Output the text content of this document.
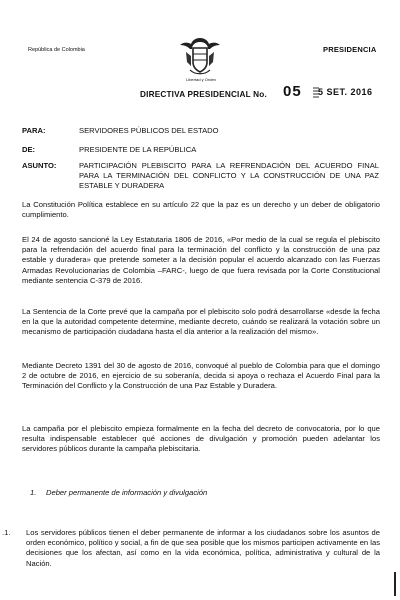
República de Colombia	PRESIDENCIA
Libertad y Orden
DIRECTIVA PRESIDENCIAL No. 05 5 SET. 2016
PARA:	SERVIDORES PÚBLICOS DEL ESTADO
DE:	PRESIDENTE DE LA REPÚBLICA
ASUNTO:	PARTICIPACIÓN PLEBISCITO PARA LA REFRENDACIÓN DEL ACUERDO FINAL PARA LA TERMINACIÓN DEL CONFLICTO Y LA CONSTRUCCIÓN DE UNA PAZ ESTABLE Y DURADERA
La Constitución Política establece en su artículo 22 que la paz es un derecho y un deber de obligatorio cumplimiento.
El 24 de agosto sancioné la Ley Estatutaria 1806 de 2016, «Por medio de la cual se regula el plebiscito para la refrendación del acuerdo final para la terminación del conflicto y la construcción de una paz estable y duradera» que pretende someter a la decisión popular el acuerdo alcanzado con las Fuerzas Armadas Revolucionarias de Colombia –FARC-, luego de que fuera revisada por la Corte Constitucional mediante sentencia C-379 de 2016.
La Sentencia de la Corte prevé que la campaña por el plebiscito solo podrá desarrollarse «desde la fecha en la que la autoridad competente determine, mediante decreto, cuándo se realizará la votación sobre un mecanismo de participación ciudadana hasta el día anterior a la realización del mismo».
Mediante Decreto 1391 del 30 de agosto de 2016, convoqué al pueblo de Colombia para que el domingo 2 de octubre de 2016, en ejercicio de su soberanía, decida si apoya o rechaza el Acuerdo Final para la Terminación del Conflicto y la Construcción de una Paz Estable y Duradera.
La campaña por el plebiscito empieza formalmente en la fecha del decreto de convocatoria, por lo que resulta indispensable establecer qué acciones de divulgación y promoción pueden adelantar los servidores públicos durante la campaña plebiscitaria.
1. Deber permanente de información y divulgación
.1. Los servidores públicos tienen el deber permanente de informar a los ciudadanos sobre los asuntos de orden económico, político y social, a fin de que sea posible que los mismos participen activamente en las decisiones que los afectan, así como en la vida económica, política, administrativa y cultural de la Nación.
